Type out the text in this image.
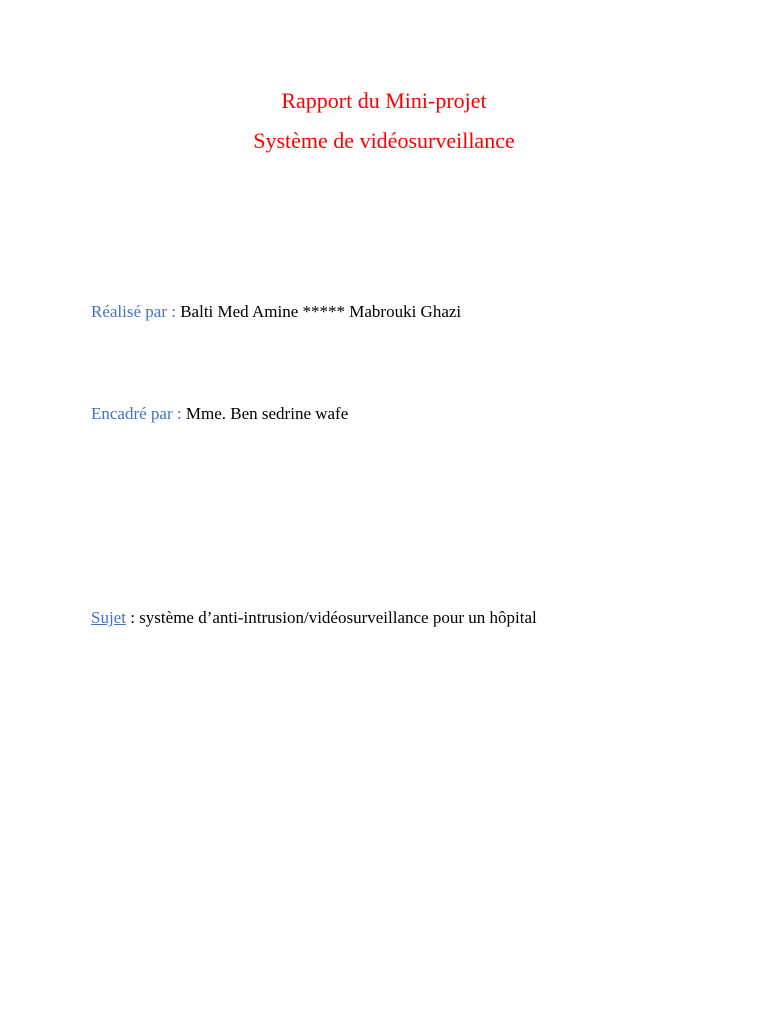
Rapport du Mini-projet
Système de vidéosurveillance

Réalisé par : Balti Med Amine ***** Mabrouki Ghazi

Encadré par : Mme. Ben sedrine wafe

Sujet : système d’anti-intrusion/vidéosurveillance pour un hôpital
